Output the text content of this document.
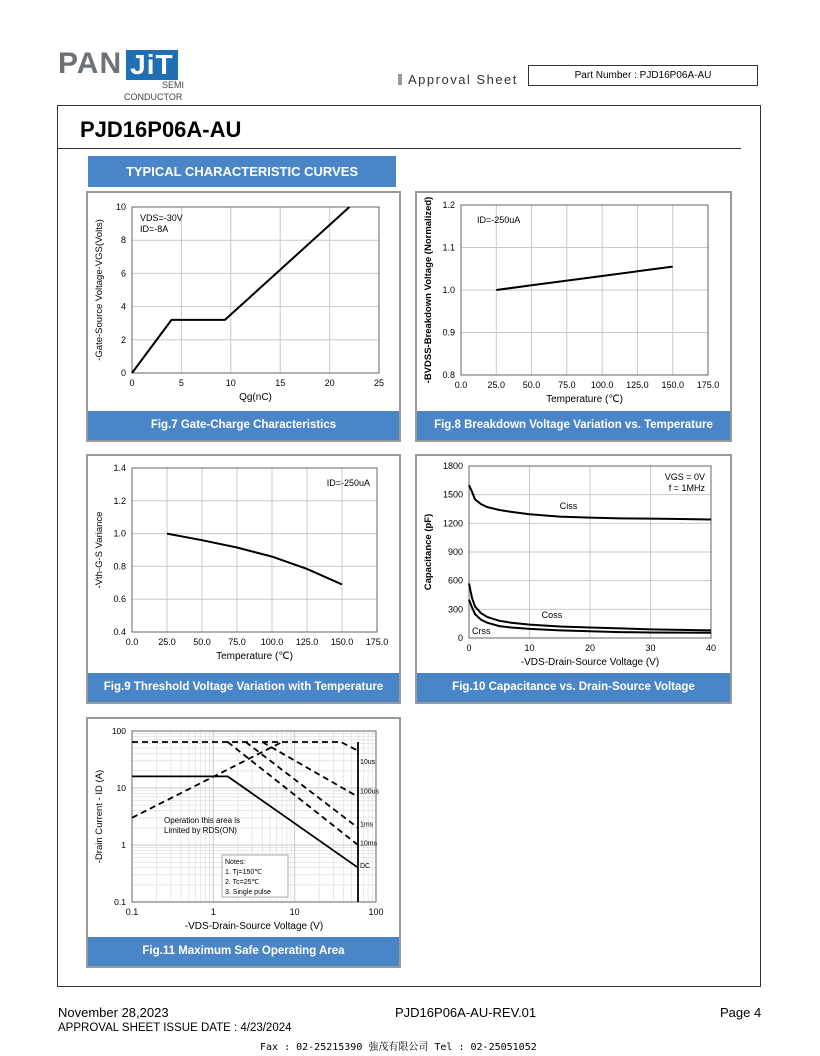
PAN JiT
SEMI
CONDUCTOR
Approval Sheet	Part Number : PJD16P06A-AU
PJD16P06A-AU
TYPICAL CHARACTERISTIC CURVES
0	5	10	15	20	25
0
2
4
6
8
10
Qg(nC)
-Gate-Source Voltage-VGS(Volts)
VDS=-30V
ID=-8A
Fig.7 Gate-Charge Characteristics
0.0 25.0 50.0 75.0 100.0 125.0 150.0 175.0
0.8
0.9
1.0
1.1
1.2
Temperature (℃)
-BVDSS-Breakdown Voltage (Normalized)	ID=-250uA
Fig.8 Breakdown Voltage Variation vs. Temperature
0.0 25.0 50.0 75.0 100.0 125.0 150.0 175.0
0.4
0.6
0.8
1.0
1.2
1.4
Temperature (℃)
-Vth-G-S Variance
ID=-250uA
Fig.9 Threshold Voltage Variation with Temperature
0	10	20	30	40
0
300
600
900
1200
1500
1800
-VDS-Drain-Source Voltage (V)
Capacitance (pF)
VGS = 0V
f = 1MHz
Ciss
Coss
Crss
Fig.10 Capacitance vs. Drain-Source Voltage
0.1	1	10	100
0.1
1
10
100
10us
100us
1ms
10ms
DC
Operation this area is
Limited by RDS(ON)
Notes:
1. Tj=150℃
2. Tc=25℃
3. Single pulse
-VDS-Drain-Source Voltage (V)
-Drain Current - ID (A)
Fig.11 Maximum Safe Operating Area
November 28,2023	PJD16P06A-AU-REV.01	Page 4
APPROVAL SHEET ISSUE DATE : 4/23/2024
Fax : 02-25215390 強茂有限公司 Tel : 02-25051052
